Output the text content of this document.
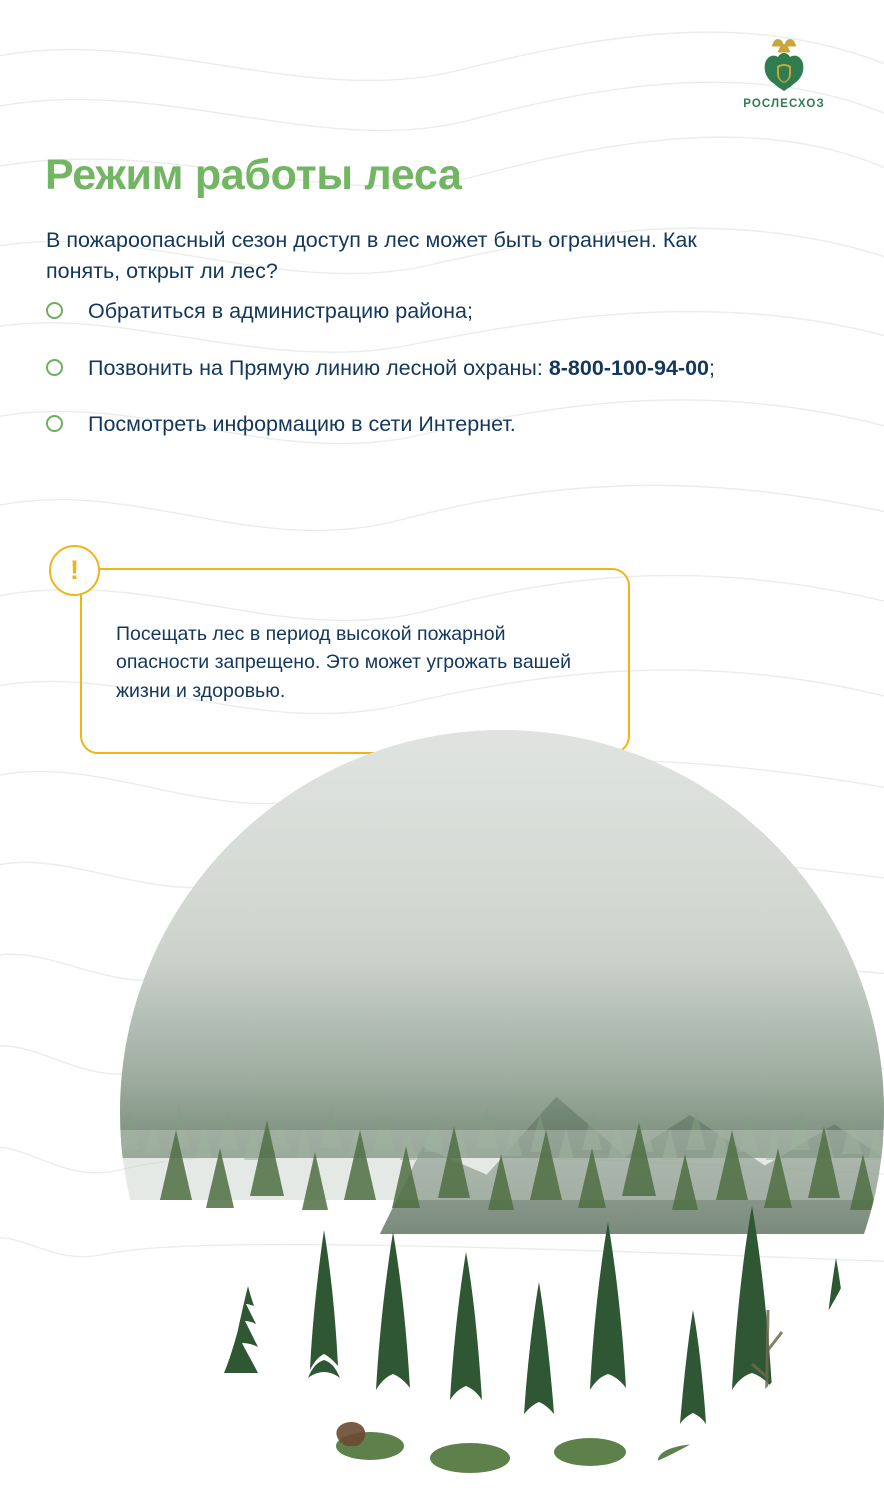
РОСЛЕСХОЗ
Режим работы леса

В пожароопасный сезон доступ в лес может быть ограничен. Как понять, открыт ли лес?

Обратиться в администрацию района;
Позвонить на Прямую линию лесной охраны: 8-800-100-94-00;
Посмотреть информацию в сети Интернет.

Посещать лес в период высокой пожарной опасности запрещено. Это может угрожать вашей жизни и здоровью.

!
